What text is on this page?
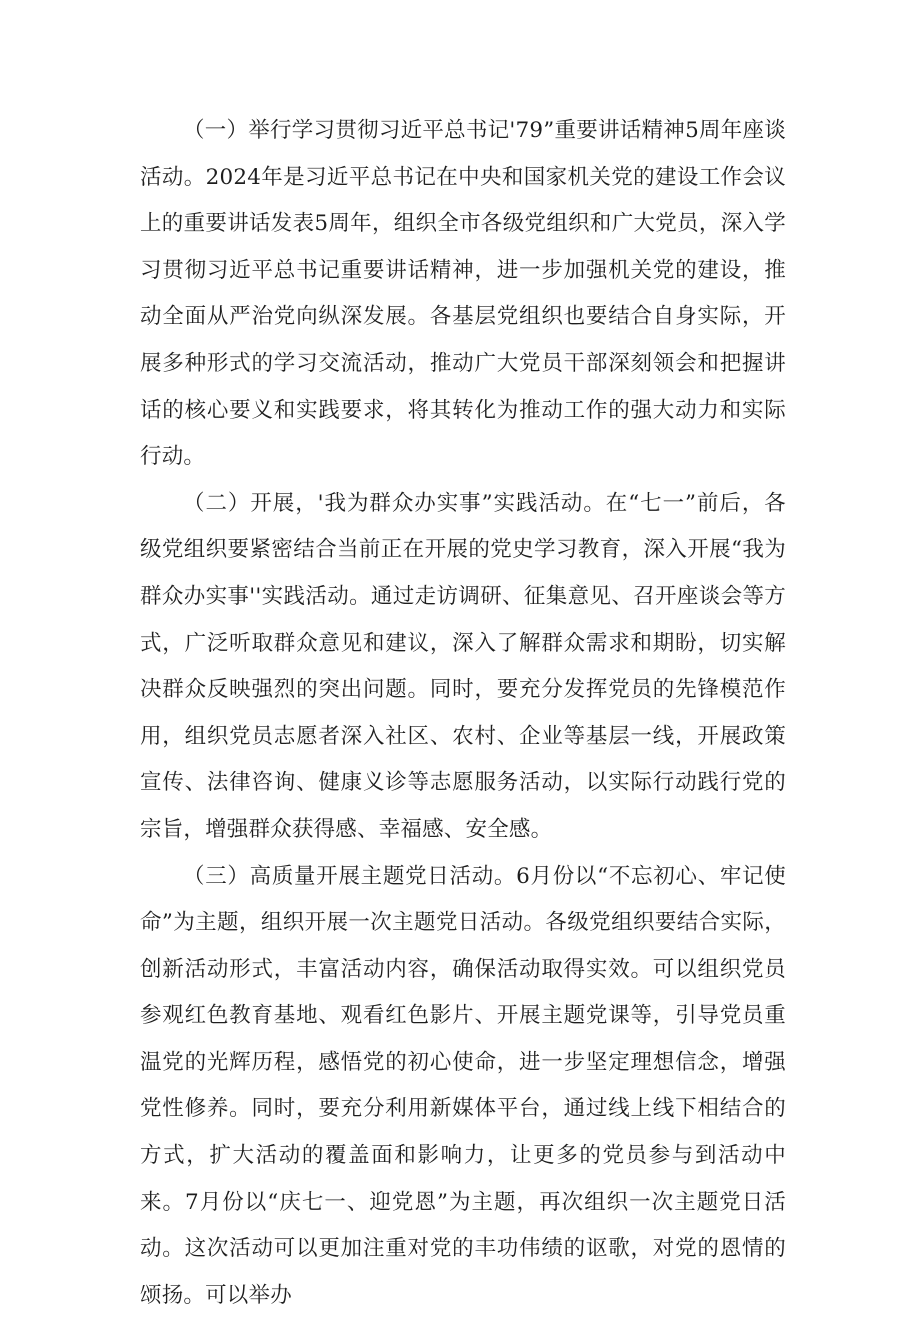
（一）举行学习贯彻习近平总书记'79”重要讲话精神5周年座谈活动。2024年是习近平总书记在中央和国家机关党的建设工作会议上的重要讲话发表5周年，组织全市各级党组织和广大党员，深入学习贯彻习近平总书记重要讲话精神，进一步加强机关党的建设，推动全面从严治党向纵深发展。各基层党组织也要结合自身实际，开展多种形式的学习交流活动，推动广大党员干部深刻领会和把握讲话的核心要义和实践要求，将其转化为推动工作的强大动力和实际行动。

（二）开展，'我为群众办实事”实践活动。在“七一”前后，各级党组织要紧密结合当前正在开展的党史学习教育，深入开展“我为群众办实事''实践活动。通过走访调研、征集意见、召开座谈会等方式，广泛听取群众意见和建议，深入了解群众需求和期盼，切实解决群众反映强烈的突出问题。同时，要充分发挥党员的先锋模范作用，组织党员志愿者深入社区、农村、企业等基层一线，开展政策宣传、法律咨询、健康义诊等志愿服务活动，以实际行动践行党的宗旨，增强群众获得感、幸福感、安全感。

（三）高质量开展主题党日活动。6月份以“不忘初心、牢记使命”为主题，组织开展一次主题党日活动。各级党组织要结合实际，创新活动形式，丰富活动内容，确保活动取得实效。可以组织党员参观红色教育基地、观看红色影片、开展主题党课等，引导党员重温党的光辉历程，感悟党的初心使命，进一步坚定理想信念，增强党性修养。同时，要充分利用新媒体平台，通过线上线下相结合的方式，扩大活动的覆盖面和影响力，让更多的党员参与到活动中来。7月份以“庆七一、迎党恩”为主题，再次组织一次主题党日活动。这次活动可以更加注重对党的丰功伟绩的讴歌，对党的恩情的颂扬。可以举办
